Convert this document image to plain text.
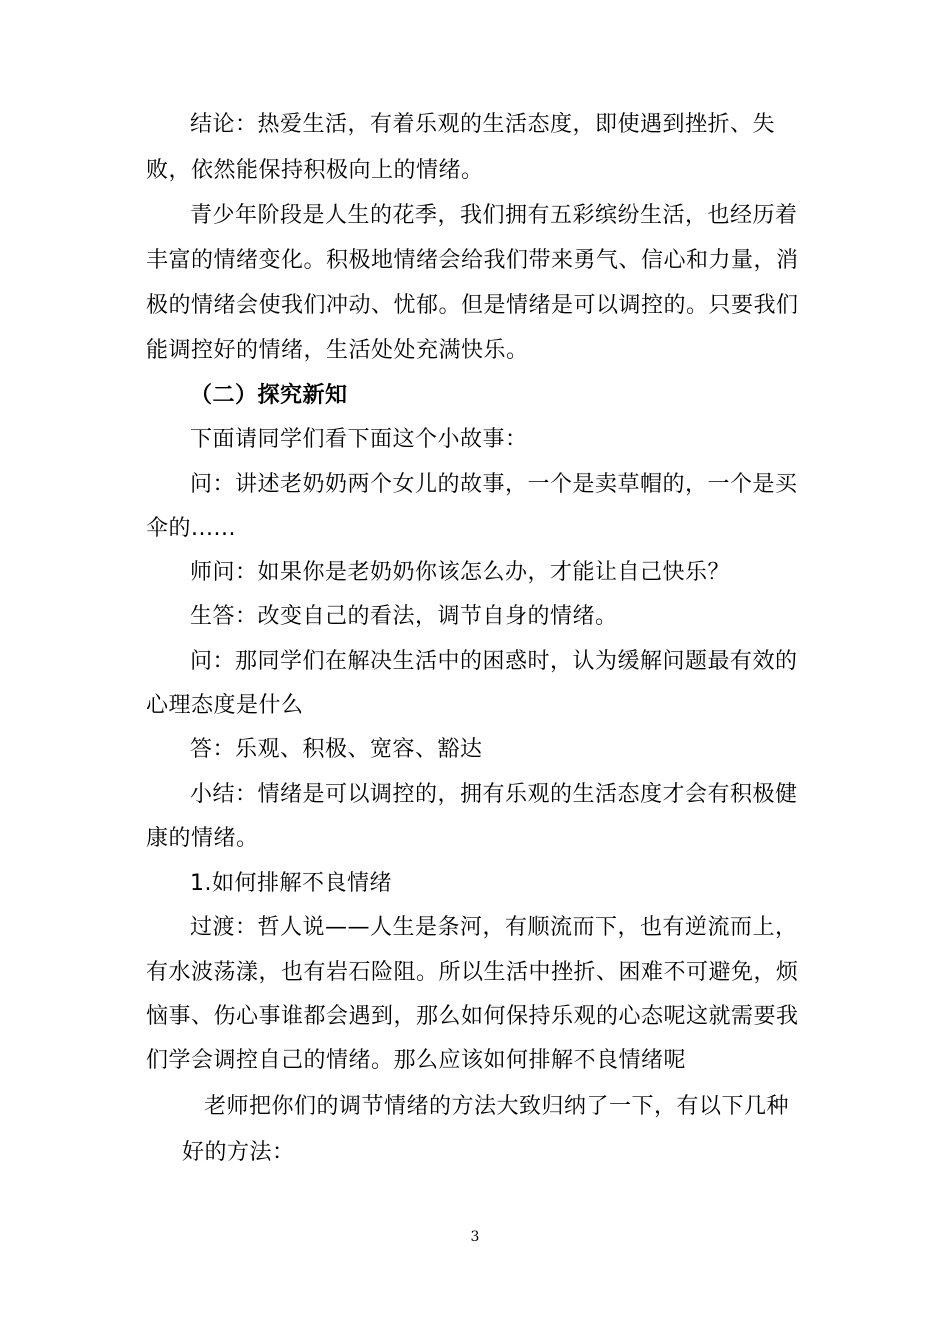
结论：热爱生活，有着乐观的生活态度，即使遇到挫折、失
败，依然能保持积极向上的情绪。
青少年阶段是人生的花季，我们拥有五彩缤纷生活，也经历着
丰富的情绪变化。积极地情绪会给我们带来勇气、信心和力量，消
极的情绪会使我们冲动、忧郁。但是情绪是可以调控的。只要我们
能调控好的情绪，生活处处充满快乐。
（二）探究新知
下面请同学们看下面这个小故事：
问：讲述老奶奶两个女儿的故事，一个是卖草帽的，一个是买
伞的......
师问：如果你是老奶奶你该怎么办，才能让自己快乐？
生答：改变自己的看法，调节自身的情绪。
问：那同学们在解决生活中的困惑时，认为缓解问题最有效的
心理态度是什么
答：乐观、积极、宽容、豁达
小结：情绪是可以调控的，拥有乐观的生活态度才会有积极健
康的情绪。
1.如何排解不良情绪
过渡：哲人说——人生是条河，有顺流而下，也有逆流而上，
有水波荡漾，也有岩石险阻。所以生活中挫折、困难不可避免，烦
恼事、伤心事谁都会遇到，那么如何保持乐观的心态呢这就需要我
们学会调控自己的情绪。那么应该如何排解不良情绪呢
老师把你们的调节情绪的方法大致归纳了一下，有以下几种
好的方法：
3
